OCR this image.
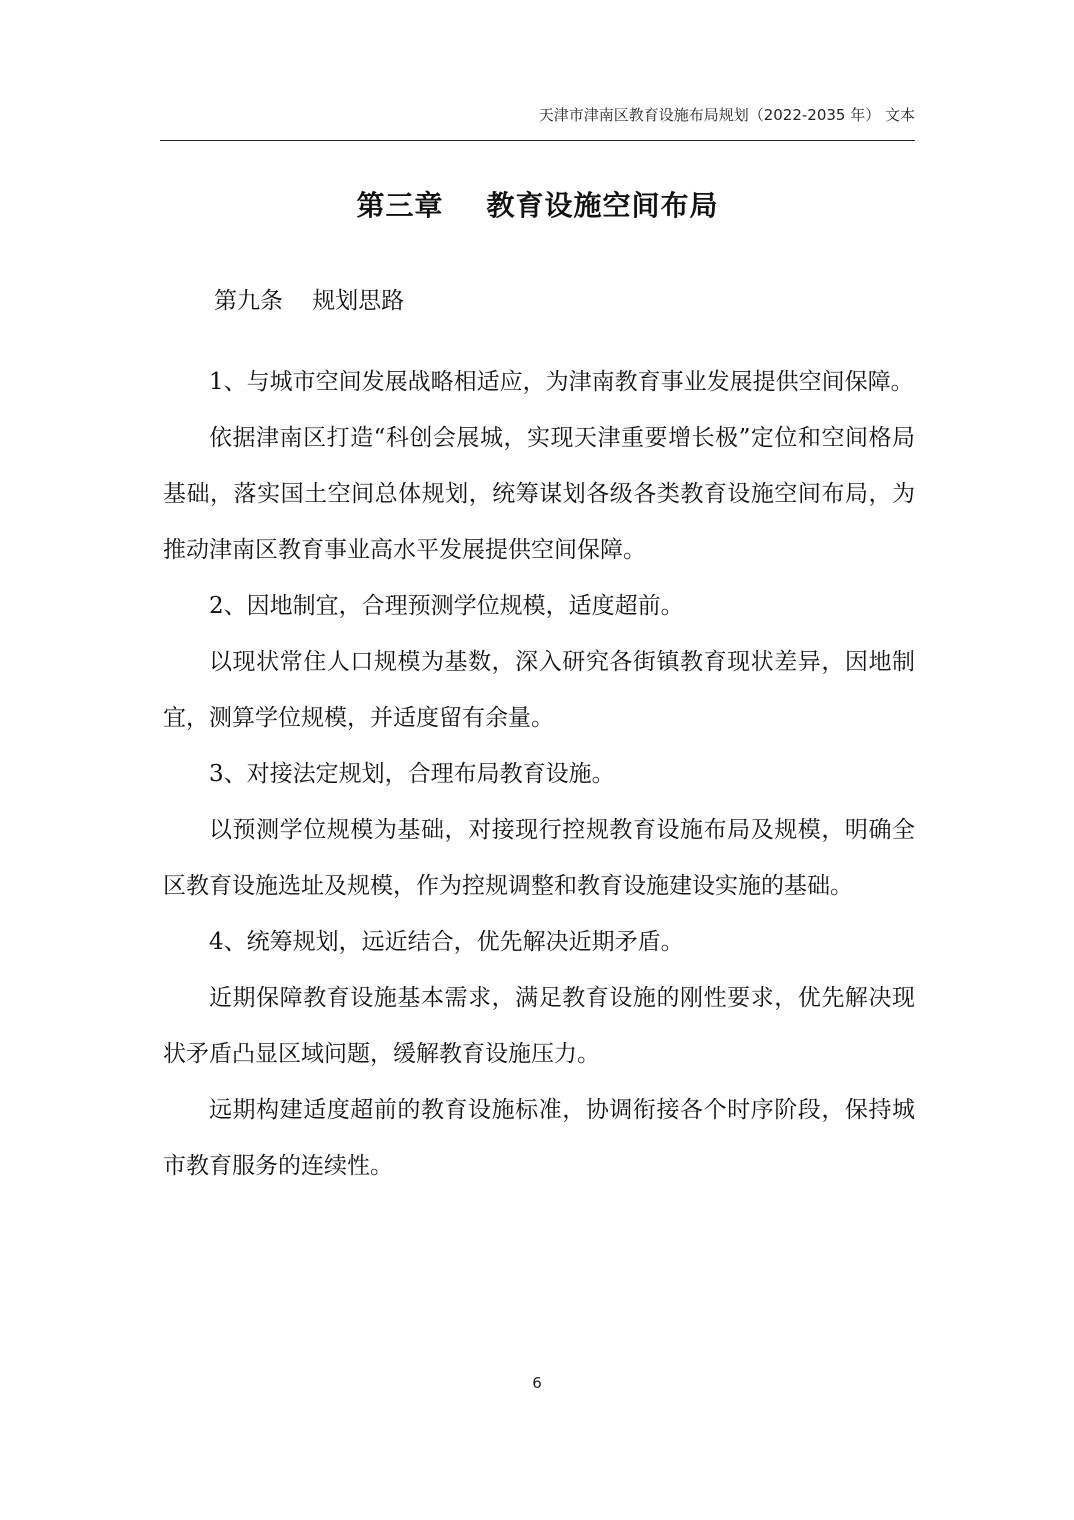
天津市津南区教育设施布局规划（2022-2035 年） 文本
第三章    教育设施空间布局
第九条    规划思路

1、与城市空间发展战略相适应，为津南教育事业发展提供空间保障。

依据津南区打造“科创会展城，实现天津重要增长极”定位和空间格局基础，落实国土空间总体规划，统筹谋划各级各类教育设施空间布局，为推动津南区教育事业高水平发展提供空间保障。

2、因地制宜，合理预测学位规模，适度超前。

以现状常住人口规模为基数，深入研究各街镇教育现状差异，因地制宜，测算学位规模，并适度留有余量。

3、对接法定规划，合理布局教育设施。

以预测学位规模为基础，对接现行控规教育设施布局及规模，明确全区教育设施选址及规模，作为控规调整和教育设施建设实施的基础。

4、统筹规划，远近结合，优先解决近期矛盾。

近期保障教育设施基本需求，满足教育设施的刚性要求，优先解决现状矛盾凸显区域问题，缓解教育设施压力。

远期构建适度超前的教育设施标准，协调衔接各个时序阶段，保持城市教育服务的连续性。

6
